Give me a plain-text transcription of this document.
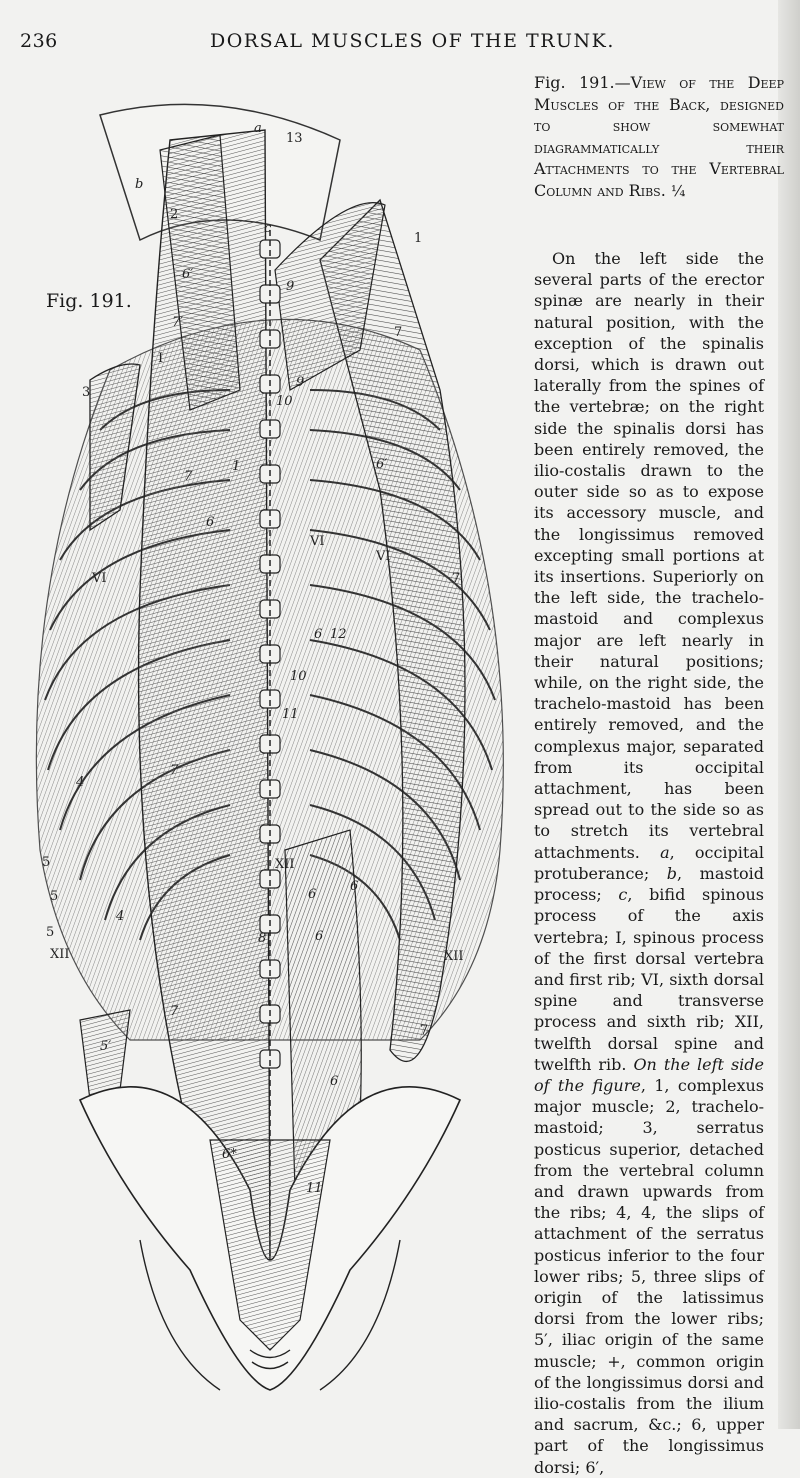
236	DORSAL MUSCLES OF THE TRUNK.
Fig. 191.
a
b
c
13
2
1
6′
7′
I
3
9
9
10
7
1
6
7
VI
VI
VI
6′
7
6 12
10
11
4
7
5
5
4
5
XII
XII
6
6
6
8
XII
7
5′
7
6
6*
11
Fig. 191.—View of the Deep Muscles of the Back, designed to show somewhat diagrammatically their Attachments to the Vertebral Column and Ribs. ¼

On the left side the several parts of the erector spinæ are nearly in their natural position, with the exception of the spinalis dorsi, which is drawn out laterally from the spines of the vertebræ; on the right side the spinalis dorsi has been entirely removed, the ilio-costalis drawn to the outer side so as to expose its accessory muscle, and the longissimus removed excepting small portions at its insertions. Superiorly on the left side, the trachelo-mastoid and complexus major are left nearly in their natural positions; while, on the right side, the trachelo-mastoid has been entirely removed, and the complexus major, separated from its occipital attachment, has been spread out to the side so as to stretch its vertebral attachments. a, occipital protuberance; b, mastoid process; c, bifid spinous process of the axis vertebra; I, spinous process of the first dorsal vertebra and first rib; VI, sixth dorsal spine and transverse process and sixth rib; XII, twelfth dorsal spine and twelfth rib. On the left side of the figure, 1, complexus major muscle; 2, trachelo-mastoid; 3, serratus posticus superior, detached from the vertebral column and drawn upwards from the ribs; 4, 4, the slips of attachment of the serratus posticus inferior to the four lower ribs; 5, three slips of origin of the latissimus dorsi from the lower ribs; 5′, iliac origin of the same muscle; +, common origin of the longissimus dorsi and ilio-costalis from the ilium and sacrum, &c.; 6, upper part of the longissimus dorsi; 6′,
